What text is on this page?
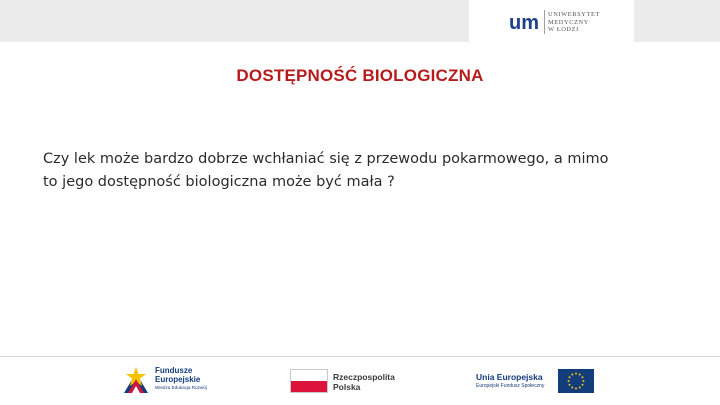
um UNIWERSYTET
MEDYCZNY
W ŁODZI
DOSTĘPNOŚĆ BIOLOGICZNA
Czy lek może bardzo dobrze wchłaniać się z przewodu pokarmowego, a mimo
to jego dostępność biologiczna może być mała ?
Fundusze
Europejskie
Wiedza Edukacja Rozwój
Rzeczpospolita
Polska
Unia Europejska
Europejski Fundusz Społeczny
